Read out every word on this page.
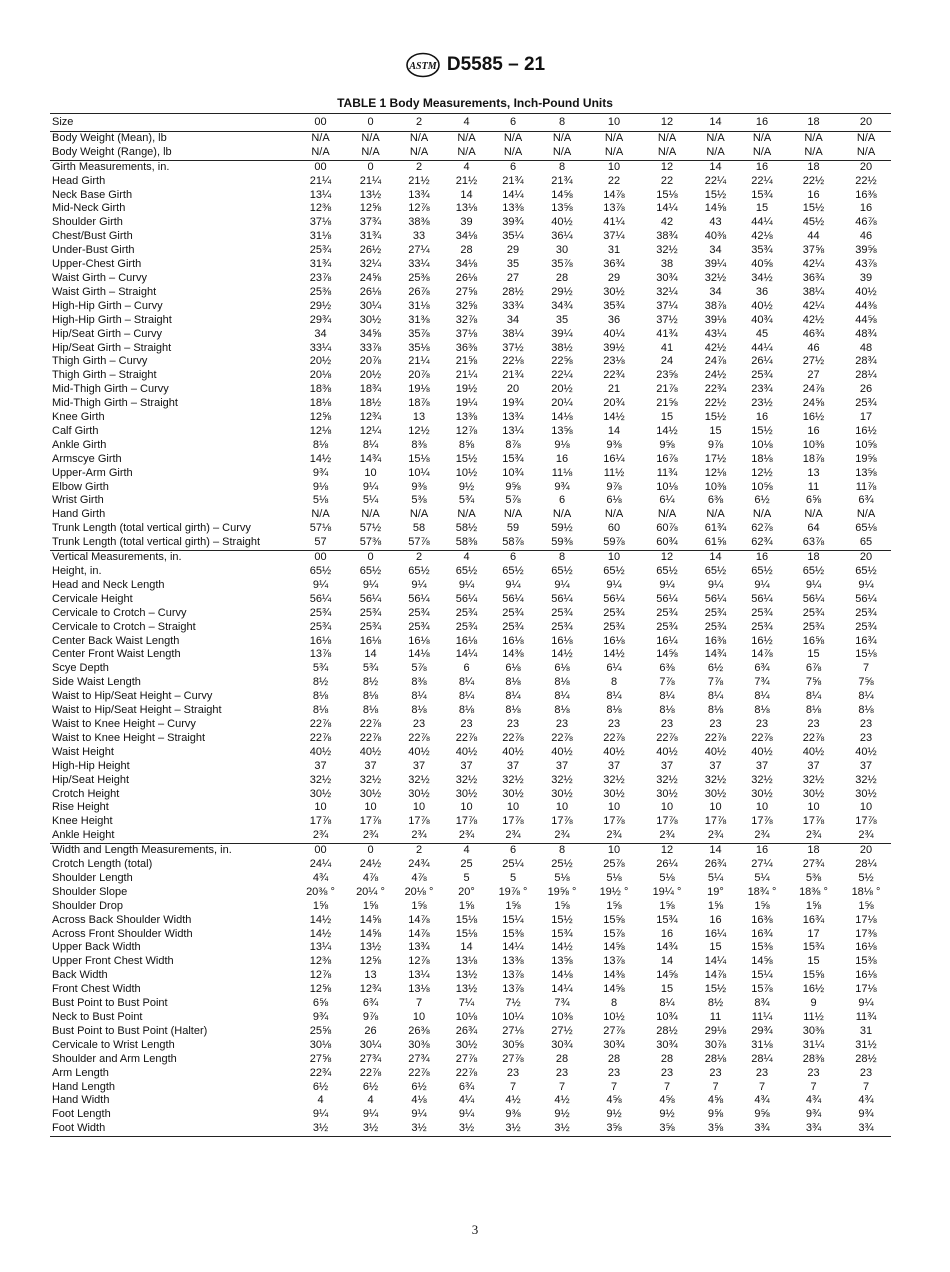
ASTM D5585 – 21
TABLE 1 Body Measurements, Inch-Pound Units
Size	00	0	2	4	6	8	10	12	14	16	18	20
Body Weight (Mean), lb	N/A	N/A	N/A	N/A	N/A	N/A	N/A	N/A	N/A	N/A	N/A	N/A
Body Weight (Range), lb	N/A	N/A	N/A	N/A	N/A	N/A	N/A	N/A	N/A	N/A	N/A	N/A
Girth Measurements, in.	00	0	2	4	6	8	10	12	14	16	18	20
Head Girth	21¼	21¼	21½	21½	21¾	21¾	22	22	22¼	22¼	22½	22½
Neck Base Girth	13¼	13½	13¾	14	14¼	14⅝	14⅞	15⅛	15½	15¾	16	16⅜
Mid-Neck Girth	12⅜	12⅝	12⅞	13⅛	13⅜	13⅝	13⅞	14¼	14⅝	15	15½	16
Shoulder Girth	37⅛	37¾	38⅜	39	39¾	40½	41¼	42	43	44¼	45½	46⅞
Chest/Bust Girth	31⅛	31¾	33	34⅛	35¼	36¼	37¼	38¾	40⅜	42⅛	44	46
Under-Bust Girth	25¾	26½	27¼	28	29	30	31	32½	34	35¾	37⅝	39⅝
Upper-Chest Girth	31¾	32¼	33¼	34⅛	35	35⅞	36¾	38	39¼	40⅝	42¼	43⅞
Waist Girth – Curvy	23⅞	24⅝	25⅜	26⅛	27	28	29	30¾	32½	34½	36¾	39
Waist Girth – Straight	25⅜	26⅛	26⅞	27⅝	28½	29½	30½	32¼	34	36	38¼	40½
High-Hip Girth – Curvy	29½	30¼	31⅛	32⅝	33¾	34¾	35¾	37¼	38⅞	40½	42¼	44⅜
High-Hip Girth – Straight	29¾	30½	31⅜	32⅞	34	35	36	37½	39⅛	40¾	42½	44⅝
Hip/Seat Girth – Curvy	34	34⅝	35⅞	37⅛	38¼	39¼	40¼	41¾	43¼	45	46¾	48¾
Hip/Seat Girth – Straight	33¼	33⅞	35⅛	36⅜	37½	38½	39½	41	42½	44¼	46	48
Thigh Girth – Curvy	20½	20⅞	21¼	21⅝	22⅛	22⅝	23⅛	24	24⅞	26¼	27½	28¾
Thigh Girth – Straight	20⅛	20½	20⅞	21¼	21¾	22¼	22¾	23⅝	24½	25¾	27	28¼
Mid-Thigh Girth – Curvy	18⅜	18¾	19⅛	19½	20	20½	21	21⅞	22¾	23¾	24⅞	26
Mid-Thigh Girth – Straight	18⅛	18½	18⅞	19¼	19¾	20¼	20¾	21⅝	22½	23½	24⅝	25¾
Knee Girth	12⅝	12¾	13	13⅜	13¾	14⅛	14½	15	15½	16	16½	17
Calf Girth	12⅛	12¼	12½	12⅞	13¼	13⅝	14	14½	15	15½	16	16½
Ankle Girth	8⅛	8¼	8⅜	8⅝	8⅞	9⅛	9⅜	9⅝	9⅞	10⅛	10⅜	10⅝
Armscye Girth	14½	14¾	15⅛	15½	15¾	16	16¼	16⅞	17½	18⅛	18⅞	19⅝
Upper-Arm Girth	9¾	10	10¼	10½	10¾	11⅛	11½	11¾	12⅛	12½	13	13⅝
Elbow Girth	9⅛	9¼	9⅜	9½	9⅝	9¾	9⅞	10⅛	10⅜	10⅝	11	11⅞
Wrist Girth	5⅛	5¼	5⅜	5¾	5⅞	6	6⅛	6¼	6⅜	6½	6⅝	6¾
Hand Girth	N/A	N/A	N/A	N/A	N/A	N/A	N/A	N/A	N/A	N/A	N/A	N/A
Trunk Length (total vertical girth) – Curvy	57⅛	57½	58	58½	59	59½	60	60⅞	61¾	62⅞	64	65⅛
Trunk Length (total vertical girth) – Straight	57	57⅜	57⅞	58⅜	58⅞	59⅜	59⅞	60¾	61⅝	62¾	63⅞	65
Vertical Measurements, in.	00	0	2	4	6	8	10	12	14	16	18	20
Height, in.	65½	65½	65½	65½	65½	65½	65½	65½	65½	65½	65½	65½
Head and Neck Length	9¼	9¼	9¼	9¼	9¼	9¼	9¼	9¼	9¼	9¼	9¼	9¼
Cervicale Height	56¼	56¼	56¼	56¼	56¼	56¼	56¼	56¼	56¼	56¼	56¼	56¼
Cervicale to Crotch – Curvy	25¾	25¾	25¾	25¾	25¾	25¾	25¾	25¾	25¾	25¾	25¾	25¾
Cervicale to Crotch – Straight	25¾	25¾	25¾	25¾	25¾	25¾	25¾	25¾	25¾	25¾	25¾	25¾
Center Back Waist Length	16⅛	16⅛	16⅛	16⅛	16⅛	16⅛	16⅛	16¼	16⅜	16½	16⅝	16¾
Center Front Waist Length	13⅞	14	14⅛	14¼	14⅜	14½	14½	14⅝	14¾	14⅞	15	15⅛
Scye Depth	5¾	5¾	5⅞	6	6⅛	6⅛	6¼	6⅜	6½	6¾	6⅞	7
Side Waist Length	8½	8½	8⅜	8¼	8⅛	8⅛	8	7⅞	7⅞	7¾	7⅝	7⅝
Waist to Hip/Seat Height – Curvy	8⅛	8⅛	8¼	8¼	8¼	8¼	8¼	8¼	8¼	8¼	8¼	8¼
Waist to Hip/Seat Height – Straight	8⅛	8⅛	8⅛	8⅛	8⅛	8⅛	8⅛	8⅛	8⅛	8⅛	8⅛	8⅛
Waist to Knee Height – Curvy	22⅞	22⅞	23	23	23	23	23	23	23	23	23	23
Waist to Knee Height – Straight	22⅞	22⅞	22⅞	22⅞	22⅞	22⅞	22⅞	22⅞	22⅞	22⅞	22⅞	23
Waist Height	40½	40½	40½	40½	40½	40½	40½	40½	40½	40½	40½	40½
High-Hip Height	37	37	37	37	37	37	37	37	37	37	37	37
Hip/Seat Height	32½	32½	32½	32½	32½	32½	32½	32½	32½	32½	32½	32½
Crotch Height	30½	30½	30½	30½	30½	30½	30½	30½	30½	30½	30½	30½
Rise Height	10	10	10	10	10	10	10	10	10	10	10	10
Knee Height	17⅞	17⅞	17⅞	17⅞	17⅞	17⅞	17⅞	17⅞	17⅞	17⅞	17⅞	17⅞
Ankle Height	2¾	2¾	2¾	2¾	2¾	2¾	2¾	2¾	2¾	2¾	2¾	2¾
Width and Length Measurements, in.	00	0	2	4	6	8	10	12	14	16	18	20
Crotch Length (total)	24¼	24½	24¾	25	25¼	25½	25⅞	26¼	26¾	27¼	27¾	28¼
Shoulder Length	4¾	4⅞	4⅞	5	5	5⅛	5⅛	5⅛	5¼	5¼	5⅜	5½
Shoulder Slope	20⅜ °	20¼ °	20⅛ °	20°	19⅞ °	19⅝ °	19½ °	19¼ °	19°	18¾ °	18⅜ °	18⅛ °
Shoulder Drop	1⅝	1⅝	1⅝	1⅝	1⅝	1⅝	1⅝	1⅝	1⅝	1⅝	1⅝	1⅝
Across Back Shoulder Width	14½	14⅝	14⅞	15⅛	15¼	15½	15⅝	15¾	16	16⅜	16¾	17⅛
Across Front Shoulder Width	14½	14⅝	14⅞	15⅛	15⅜	15¾	15⅞	16	16¼	16¾	17	17⅜
Upper Back Width	13¼	13½	13¾	14	14¼	14½	14⅝	14¾	15	15⅜	15¾	16⅛
Upper Front Chest Width	12⅜	12⅝	12⅞	13⅛	13⅜	13⅝	13⅞	14	14¼	14⅝	15	15⅜
Back Width	12⅞	13	13¼	13½	13⅞	14⅛	14⅜	14⅝	14⅞	15¼	15⅝	16⅛
Front Chest Width	12⅝	12¾	13⅛	13½	13⅞	14¼	14⅝	15	15½	15⅞	16½	17⅛
Bust Point to Bust Point	6⅝	6¾	7	7¼	7½	7¾	8	8¼	8½	8¾	9	9¼
Neck to Bust Point	9¾	9⅞	10	10⅛	10¼	10⅜	10½	10¾	11	11¼	11½	11¾
Bust Point to Bust Point (Halter)	25⅝	26	26⅜	26¾	27⅛	27½	27⅞	28½	29⅛	29¾	30⅜	31
Cervicale to Wrist Length	30⅛	30¼	30⅜	30½	30⅝	30¾	30¾	30¾	30⅞	31⅛	31¼	31½
Shoulder and Arm Length	27⅝	27¾	27¾	27⅞	27⅞	28	28	28	28⅛	28¼	28⅜	28½
Arm Length	22¾	22⅞	22⅞	22⅞	23	23	23	23	23	23	23	23
Hand Length	6½	6½	6½	6¾	7	7	7	7	7	7	7	7
Hand Width	4	4	4⅛	4¼	4½	4½	4⅝	4⅝	4⅝	4¾	4¾	4¾
Foot Length	9¼	9¼	9¼	9¼	9⅜	9½	9½	9½	9⅝	9⅝	9¾	9¾
Foot Width	3½	3½	3½	3½	3½	3½	3⅝	3⅝	3⅝	3¾	3¾	3¾
3
